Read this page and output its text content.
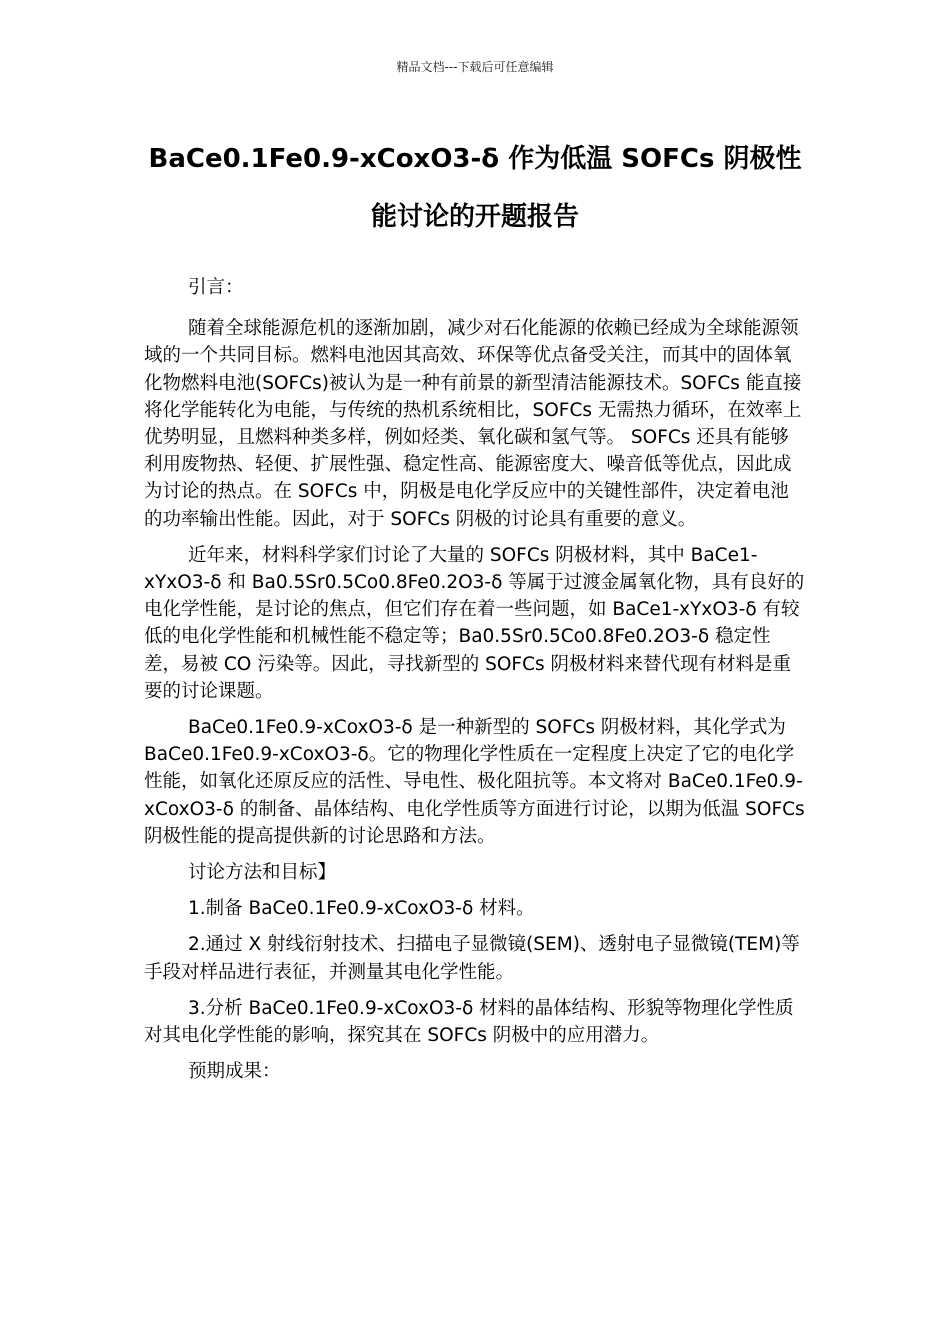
精品文档---下载后可任意编辑
BaCe0.1Fe0.9-xCoxO3-δ 作为低温 SOFCs 阴极性
能讨论的开题报告

引言：

随着全球能源危机的逐渐加剧，减少对石化能源的依赖已经成为全球能源领域的一个共同目标。燃料电池因其高效、环保等优点备受关注，而其中的固体氧化物燃料电池(SOFCs)被认为是一种有前景的新型清洁能源技术。SOFCs 能直接将化学能转化为电能，与传统的热机系统相比，SOFCs 无需热力循环，在效率上优势明显，且燃料种类多样，例如烃类、氧化碳和氢气等。 SOFCs 还具有能够利用废物热、轻便、扩展性强、稳定性高、能源密度大、噪音低等优点，因此成为讨论的热点。在 SOFCs 中，阴极是电化学反应中的关键性部件，决定着电池的功率输出性能。因此，对于 SOFCs 阴极的讨论具有重要的意义。

近年来，材料科学家们讨论了大量的 SOFCs 阴极材料，其中 BaCe1-xYxO3-δ 和 Ba0.5Sr0.5Co0.8Fe0.2O3-δ 等属于过渡金属氧化物，具有良好的电化学性能，是讨论的焦点，但它们存在着一些问题，如 BaCe1-xYxO3-δ 有较低的电化学性能和机械性能不稳定等；Ba0.5Sr0.5Co0.8Fe0.2O3-δ 稳定性差，易被 CO 污染等。因此，寻找新型的 SOFCs 阴极材料来替代现有材料是重要的讨论课题。

BaCe0.1Fe0.9-xCoxO3-δ 是一种新型的 SOFCs 阴极材料，其化学式为 BaCe0.1Fe0.9-xCoxO3-δ。它的物理化学性质在一定程度上决定了它的电化学性能，如氧化还原反应的活性、导电性、极化阻抗等。本文将对 BaCe0.1Fe0.9-xCoxO3-δ 的制备、晶体结构、电化学性质等方面进行讨论，以期为低温 SOFCs 阴极性能的提高提供新的讨论思路和方法。

讨论方法和目标】

1.制备 BaCe0.1Fe0.9-xCoxO3-δ 材料。

2.通过 X 射线衍射技术、扫描电子显微镜(SEM)、透射电子显微镜(TEM)等手段对样品进行表征，并测量其电化学性能。

3.分析 BaCe0.1Fe0.9-xCoxO3-δ 材料的晶体结构、形貌等物理化学性质对其电化学性能的影响，探究其在 SOFCs 阴极中的应用潜力。

预期成果：
